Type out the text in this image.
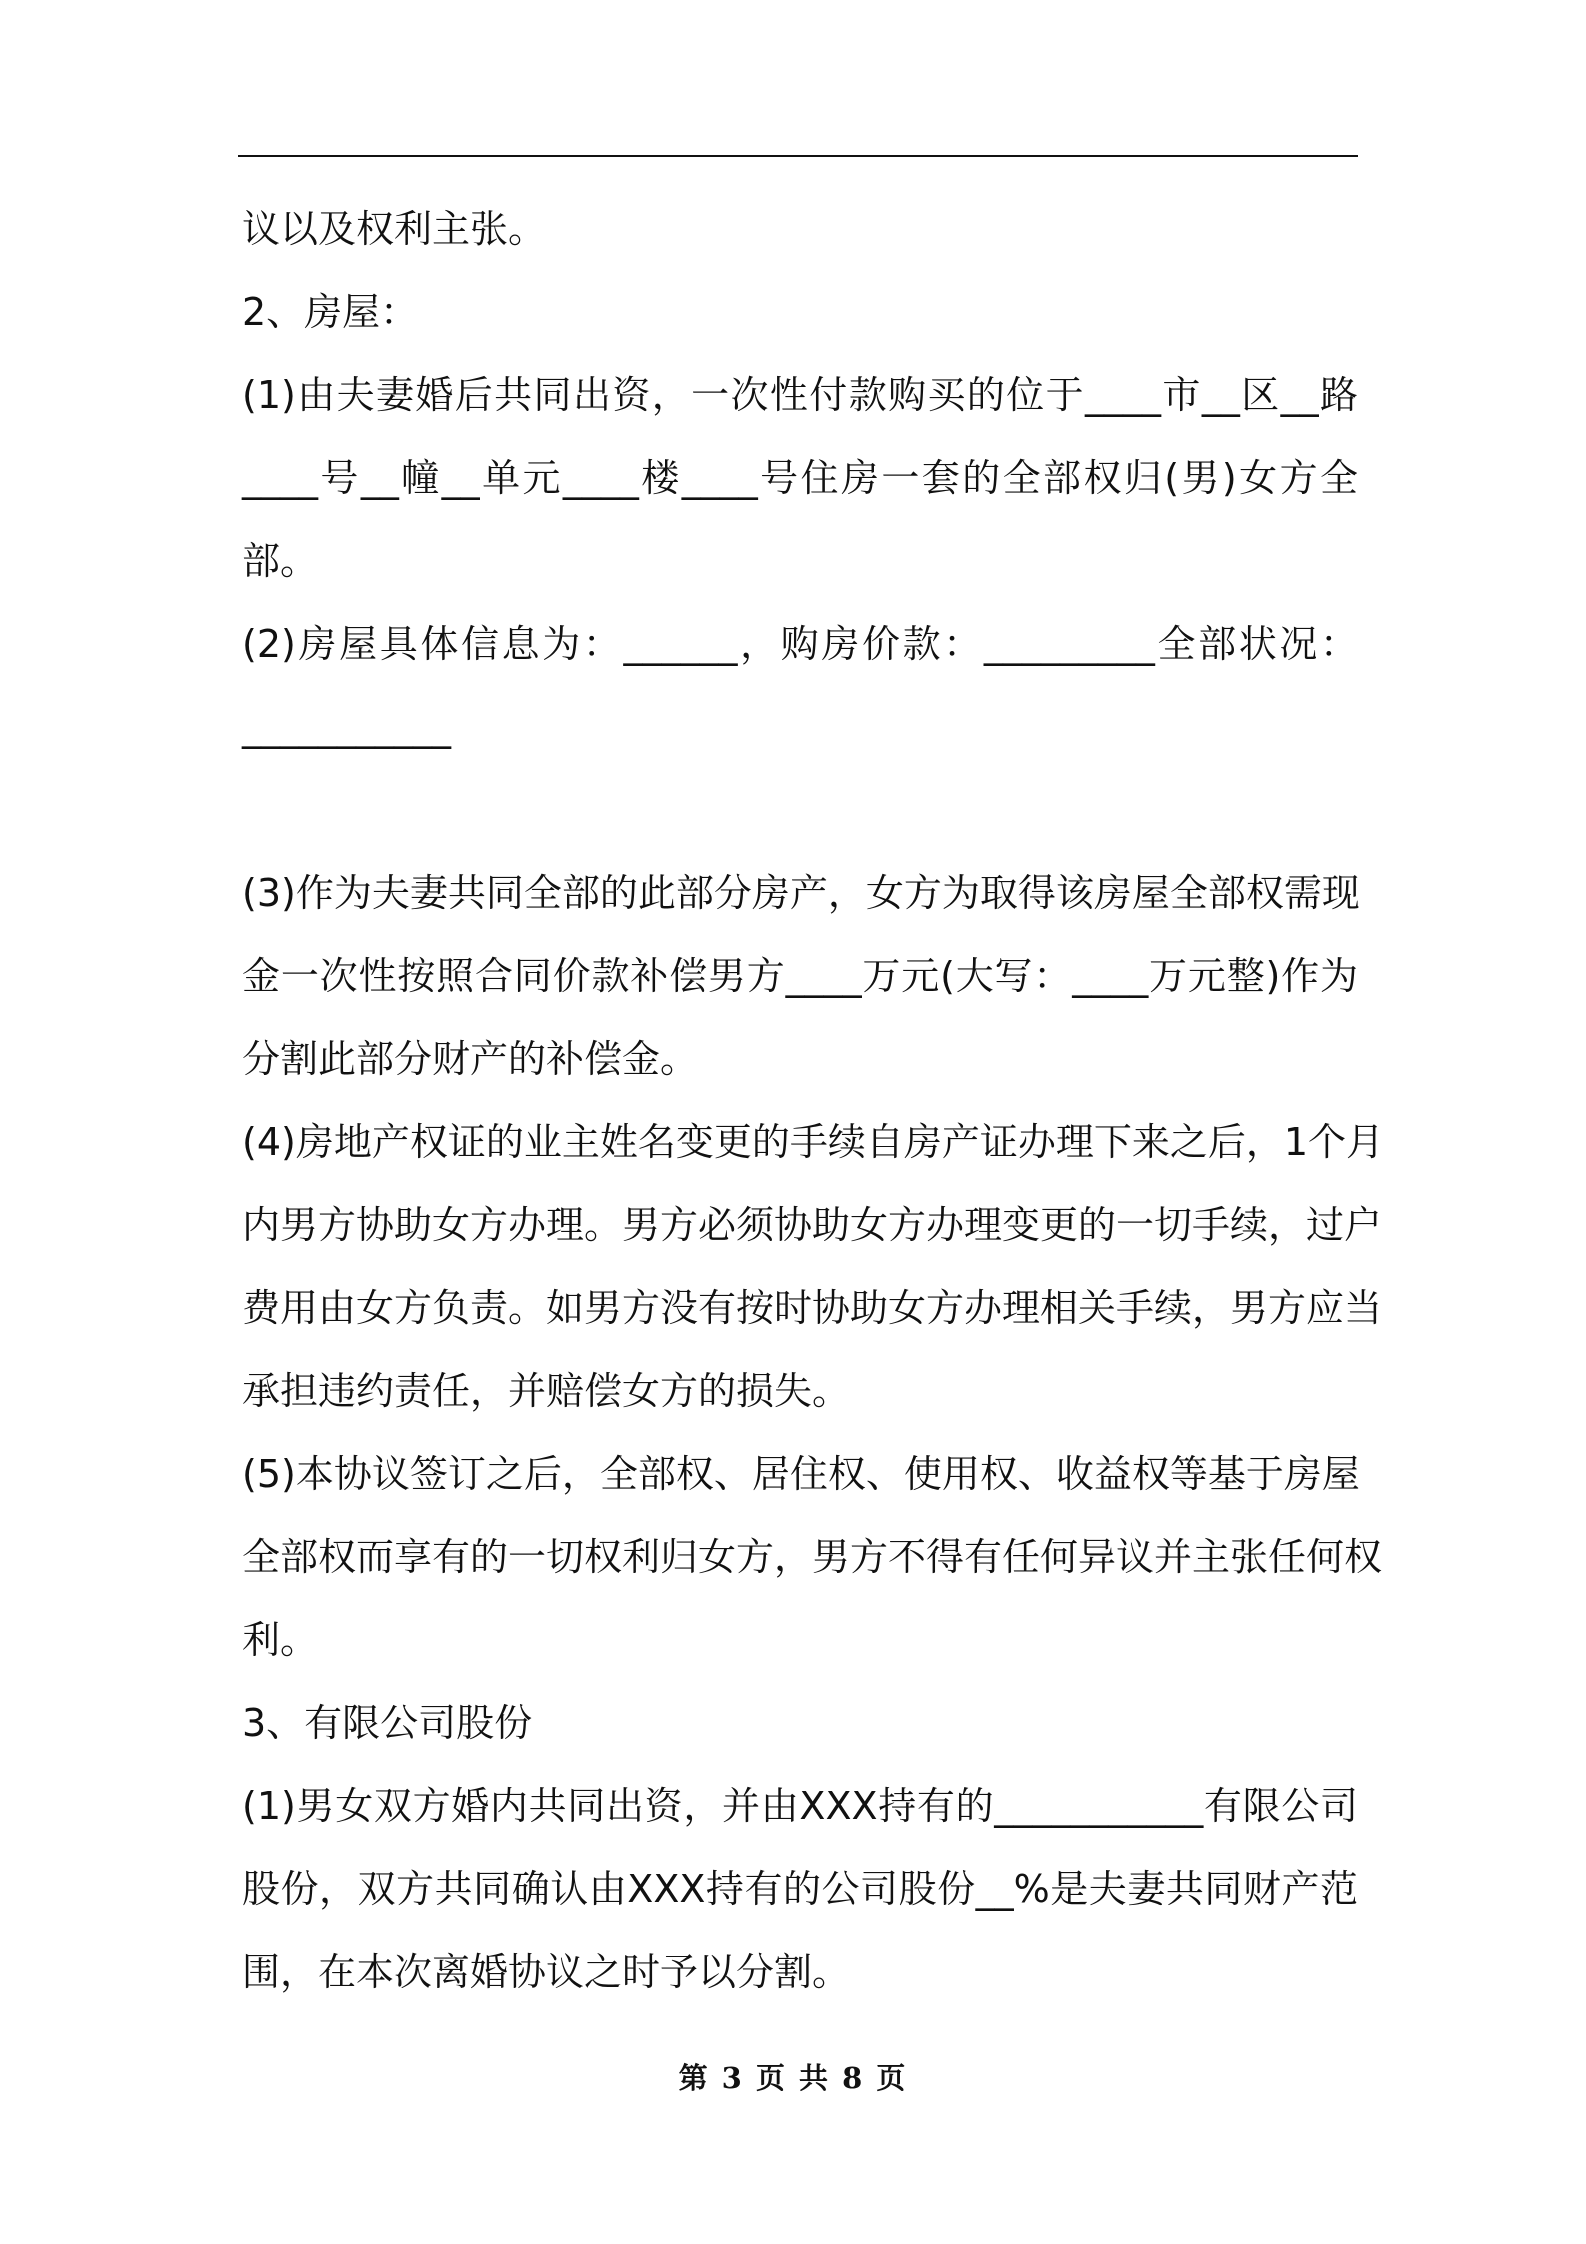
议以及权利主张。
2、房屋：
(1)由夫妻婚后共同出资，一次性付款购买的位于____市__区__路
____号__幢__单元____楼____号住房一套的全部权归(男)女方全
部。
(2)房屋具体信息为：______，购房价款：_________全部状况：
___________
(3)作为夫妻共同全部的此部分房产，女方为取得该房屋全部权需现
金一次性按照合同价款补偿男方____万元(大写：____万元整)作为
分割此部分财产的补偿金。
(4)房地产权证的业主姓名变更的手续自房产证办理下来之后，1个月
内男方协助女方办理。男方必须协助女方办理变更的一切手续，过户
费用由女方负责。如男方没有按时协助女方办理相关手续，男方应当
承担违约责任，并赔偿女方的损失。
(5)本协议签订之后，全部权、居住权、使用权、收益权等基于房屋
全部权而享有的一切权利归女方，男方不得有任何异议并主张任何权
利。
3、有限公司股份
(1)男女双方婚内共同出资，并由XXX持有的___________有限公司
股份，双方共同确认由XXX持有的公司股份__%是夫妻共同财产范
围，在本次离婚协议之时予以分割。
第 3 页 共 8 页
